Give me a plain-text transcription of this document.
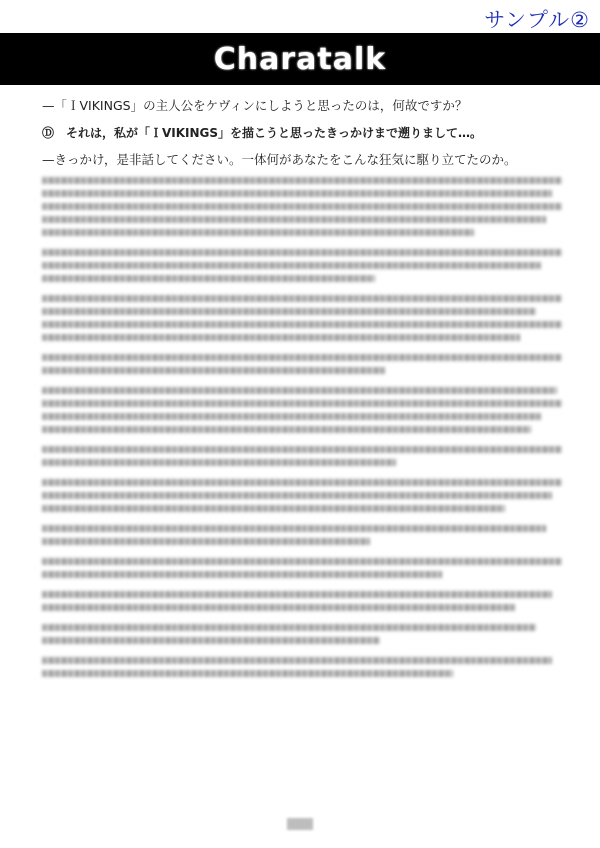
サンプル②
Charatalk
—「ＩVIKINGS」の主人公をケヴィンにしようと思ったのは，何故ですか？
Ⓓ　それは，私が「ＩVIKINGS」を描こうと思ったきっかけまで遡りまして…。
—きっかけ，是非話してください。一体何があなたをこんな狂気に駆り立てたのか。
